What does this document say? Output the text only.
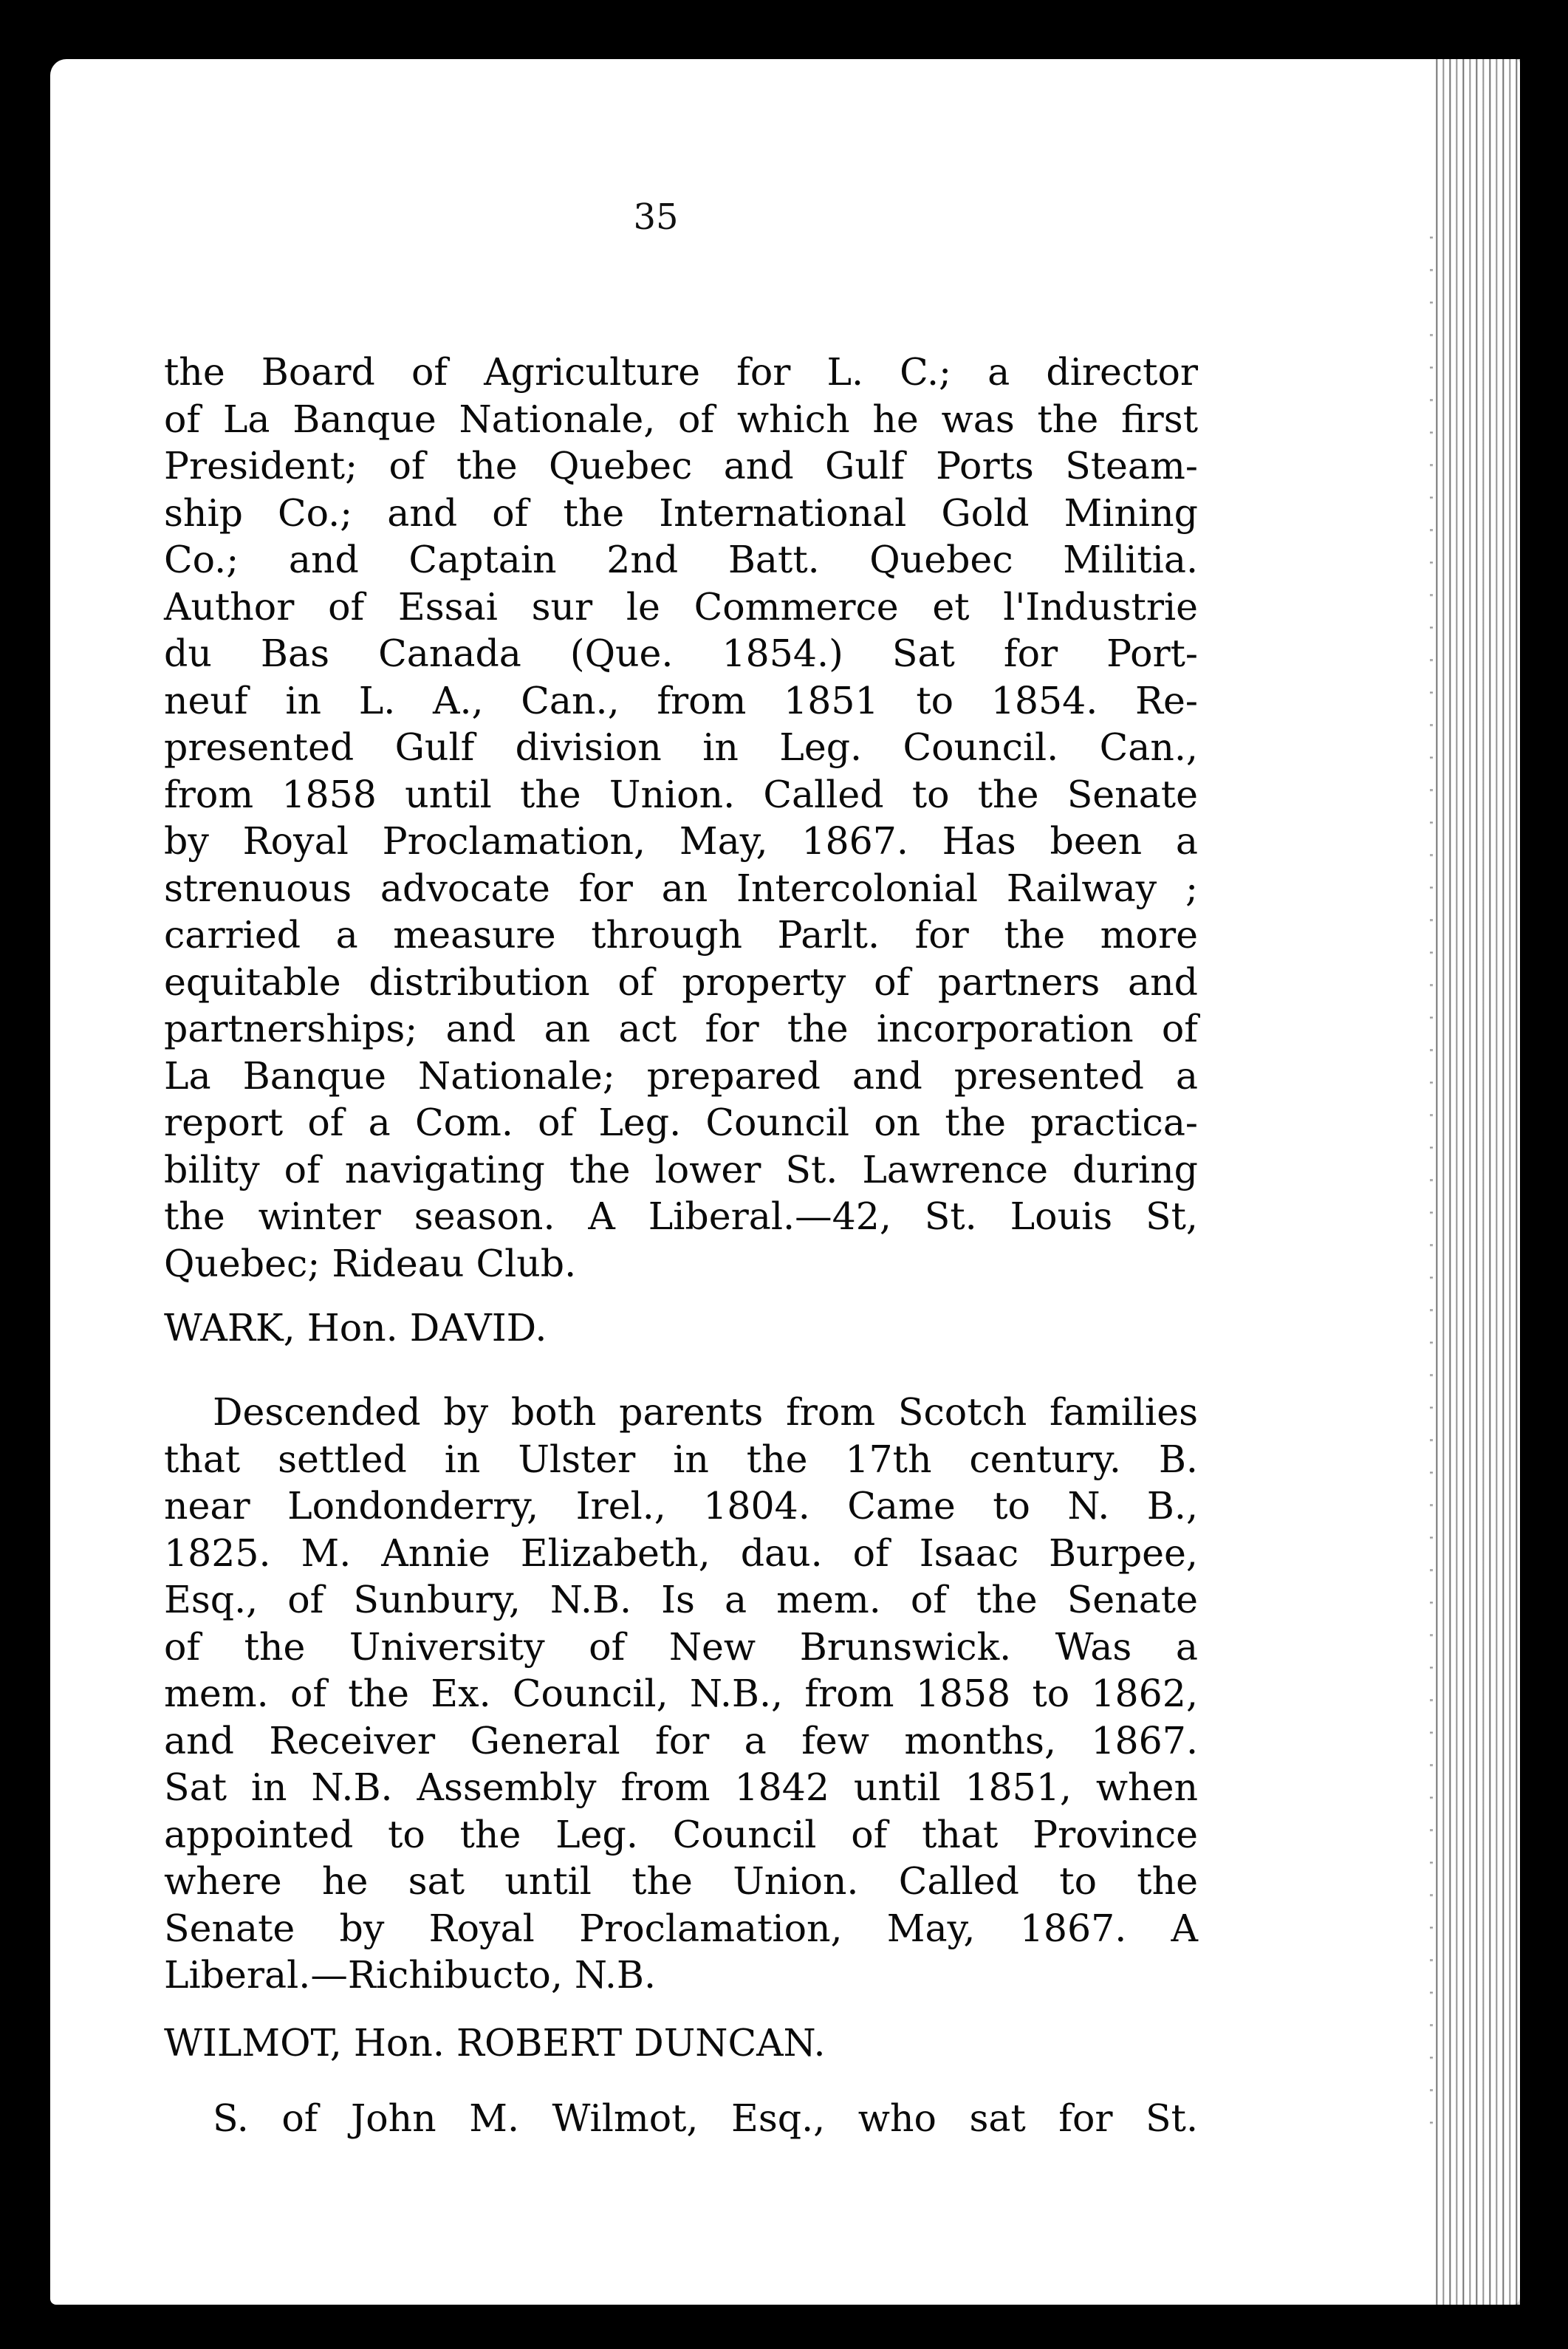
35
the Board of Agriculture for L. C.; a director
of La Banque Nationale, of which he was the first
President; of the Quebec and Gulf Ports Steam-
ship Co.; and of the International Gold Mining
Co.; and Captain 2nd Batt. Quebec Militia.
Author of Essai sur le Commerce et l'Industrie
du Bas Canada (Que. 1854.) Sat for Port-
neuf in L. A., Can., from 1851 to 1854. Re-
presented Gulf division in Leg. Council. Can.,
from 1858 until the Union. Called to the Senate
by Royal Proclamation, May, 1867. Has been a
strenuous advocate for an Intercolonial Railway ;
carried a measure through Parlt. for the more
equitable distribution of property of partners and
partnerships; and an act for the incorporation of
La Banque Nationale; prepared and presented a
report of a Com. of Leg. Council on the practica-
bility of navigating the lower St. Lawrence during
the winter season. A Liberal.—42, St. Louis St,
Quebec; Rideau Club.
WARK, Hon. DAVID.
Descended by both parents from Scotch families
that settled in Ulster in the 17th century. B.
near Londonderry, Irel., 1804. Came to N. B.,
1825. M. Annie Elizabeth, dau. of Isaac Burpee,
Esq., of Sunbury, N.B. Is a mem. of the Senate
of the University of New Brunswick. Was a
mem. of the Ex. Council, N.B., from 1858 to 1862,
and Receiver General for a few months, 1867.
Sat in N.B. Assembly from 1842 until 1851, when
appointed to the Leg. Council of that Province
where he sat until the Union. Called to the
Senate by Royal Proclamation, May, 1867. A
Liberal.—Richibucto, N.B.
WILMOT, Hon. ROBERT DUNCAN.
S. of John M. Wilmot, Esq., who sat for St.
